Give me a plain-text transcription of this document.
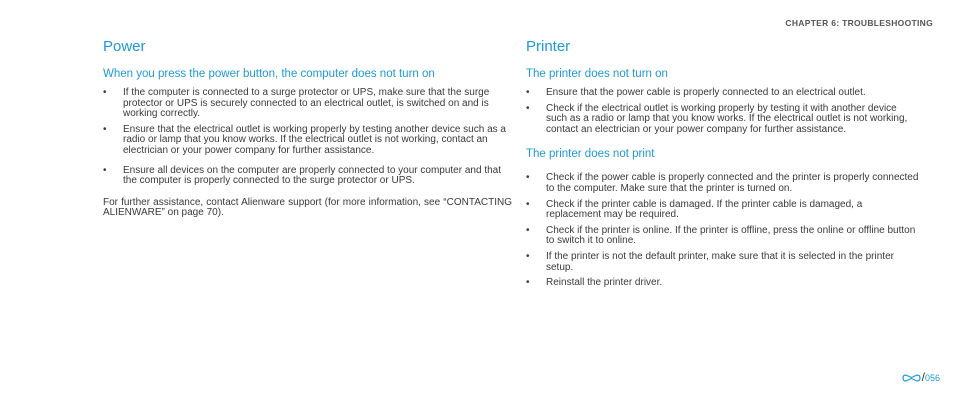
CHAPTER 6: TROUBLESHOOTING
Power
When you press the power button, the computer does not turn on
• If the computer is connected to a surge protector or UPS, make sure that the surge protector or UPS is securely connected to an electrical outlet, is switched on and is working correctly.
• Ensure that the electrical outlet is working properly by testing another device such as a radio or lamp that you know works. If the electrical outlet is not working, contact an electrician or your power company for further assistance.
• Ensure all devices on the computer are properly connected to your computer and that the computer is properly connected to the surge protector or UPS.
For further assistance, contact Alienware support (for more information, see “CONTACTING ALIENWARE” on page 70).
Printer
The printer does not turn on
• Ensure that the power cable is properly connected to an electrical outlet.
• Check if the electrical outlet is working properly by testing it with another device such as a radio or lamp that you know works. If the electrical outlet is not working, contact an electrician or your power company for further assistance.
The printer does not print
• Check if the power cable is properly connected and the printer is properly connected to the computer. Make sure that the printer is turned on.
• Check if the printer cable is damaged. If the printer cable is damaged, a replacement may be required.
• Check if the printer is online. If the printer is offline, press the online or offline button to switch it to online.
• If the printer is not the default printer, make sure that it is selected in the printer setup.
• Reinstall the printer driver.
/ 056
